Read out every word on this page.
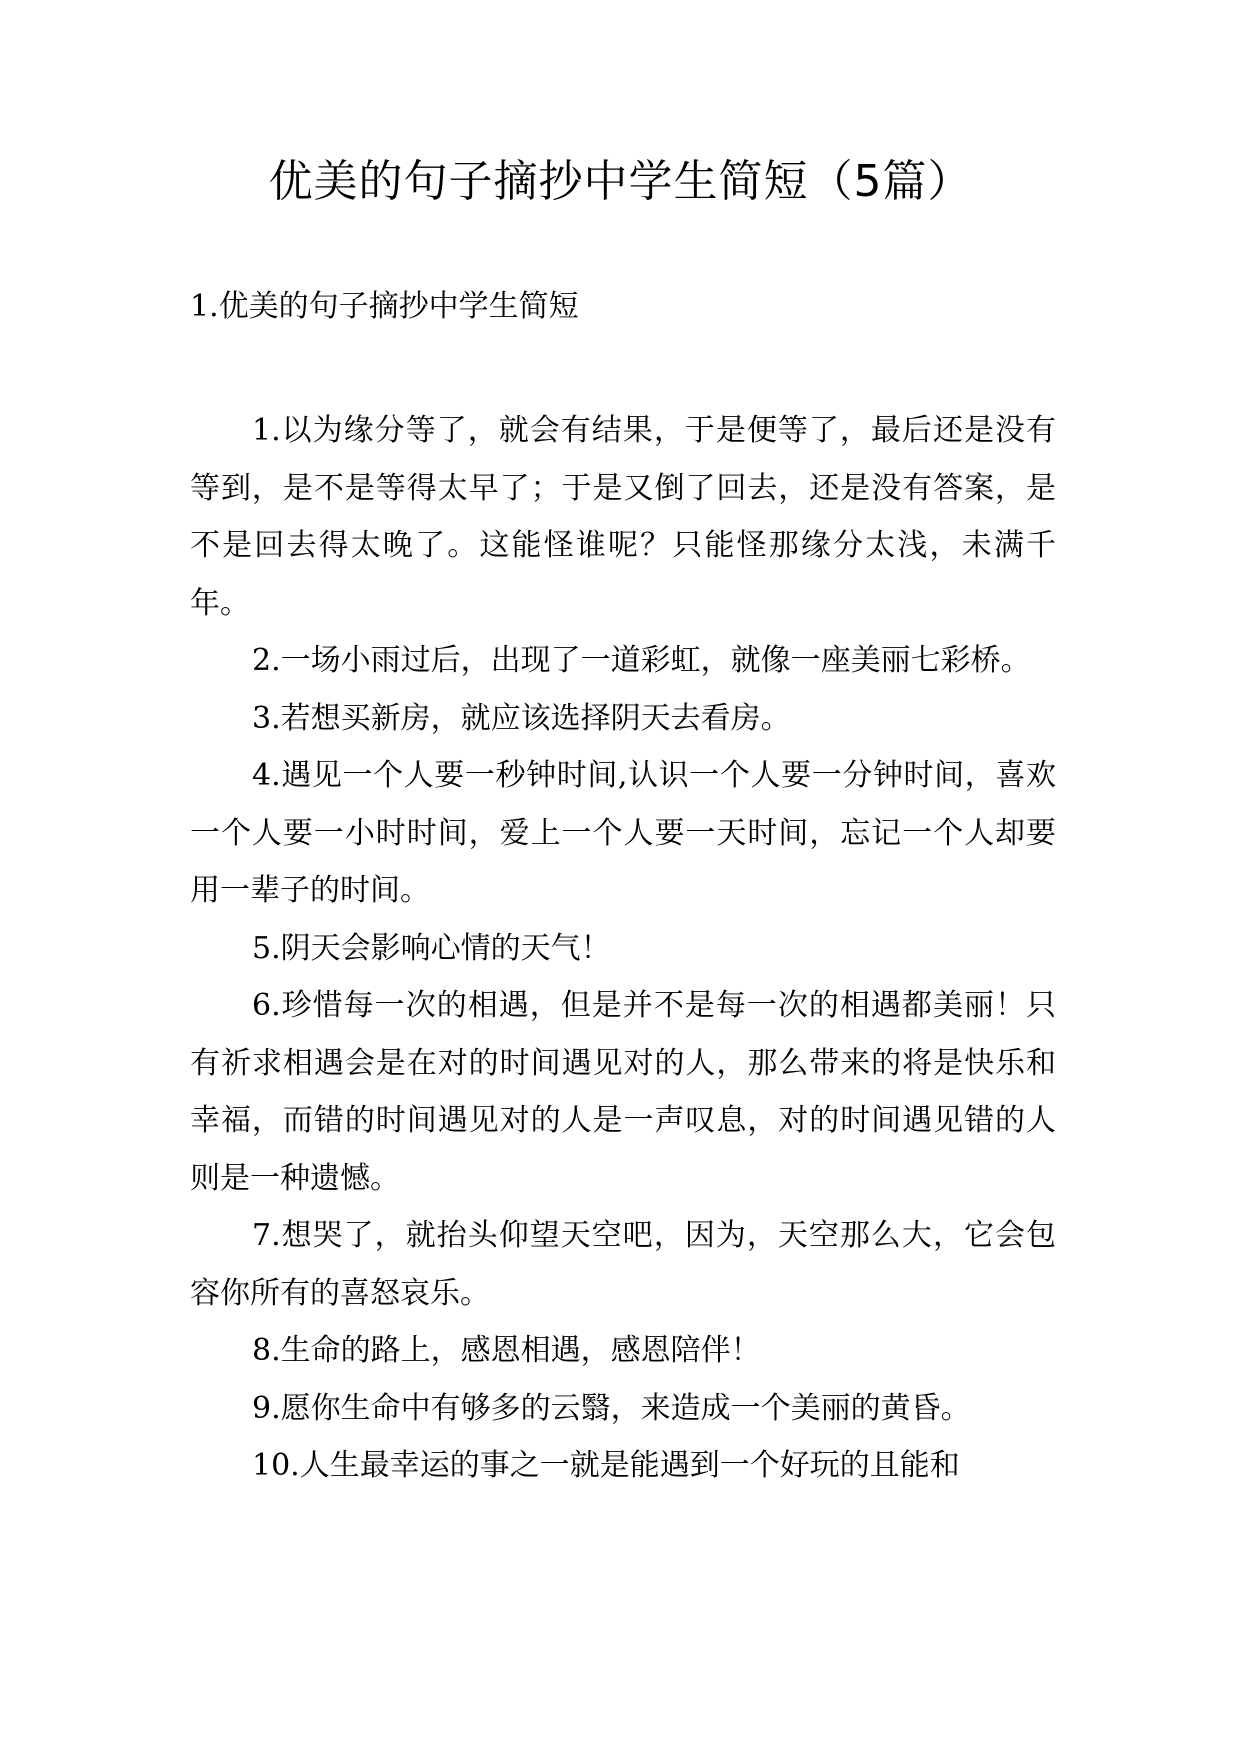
优美的句子摘抄中学生简短（5篇）
1.优美的句子摘抄中学生简短

1.以为缘分等了，就会有结果，于是便等了，最后还是没有等到，是不是等得太早了；于是又倒了回去，还是没有答案，是不是回去得太晚了。这能怪谁呢？只能怪那缘分太浅，未满千年。

2.一场小雨过后，出现了一道彩虹，就像一座美丽七彩桥。

3.若想买新房，就应该选择阴天去看房。

4.遇见一个人要一秒钟时间,认识一个人要一分钟时间，喜欢一个人要一小时时间，爱上一个人要一天时间，忘记一个人却要用一辈子的时间。

5.阴天会影响心情的天气！

6.珍惜每一次的相遇，但是并不是每一次的相遇都美丽！只有祈求相遇会是在对的时间遇见对的人，那么带来的将是快乐和幸福，而错的时间遇见对的人是一声叹息，对的时间遇见错的人则是一种遗憾。

7.想哭了，就抬头仰望天空吧，因为，天空那么大，它会包容你所有的喜怒哀乐。

8.生命的路上，感恩相遇，感恩陪伴！

9.愿你生命中有够多的云翳，来造成一个美丽的黄昏。

10.人生最幸运的事之一就是能遇到一个好玩的且能和
